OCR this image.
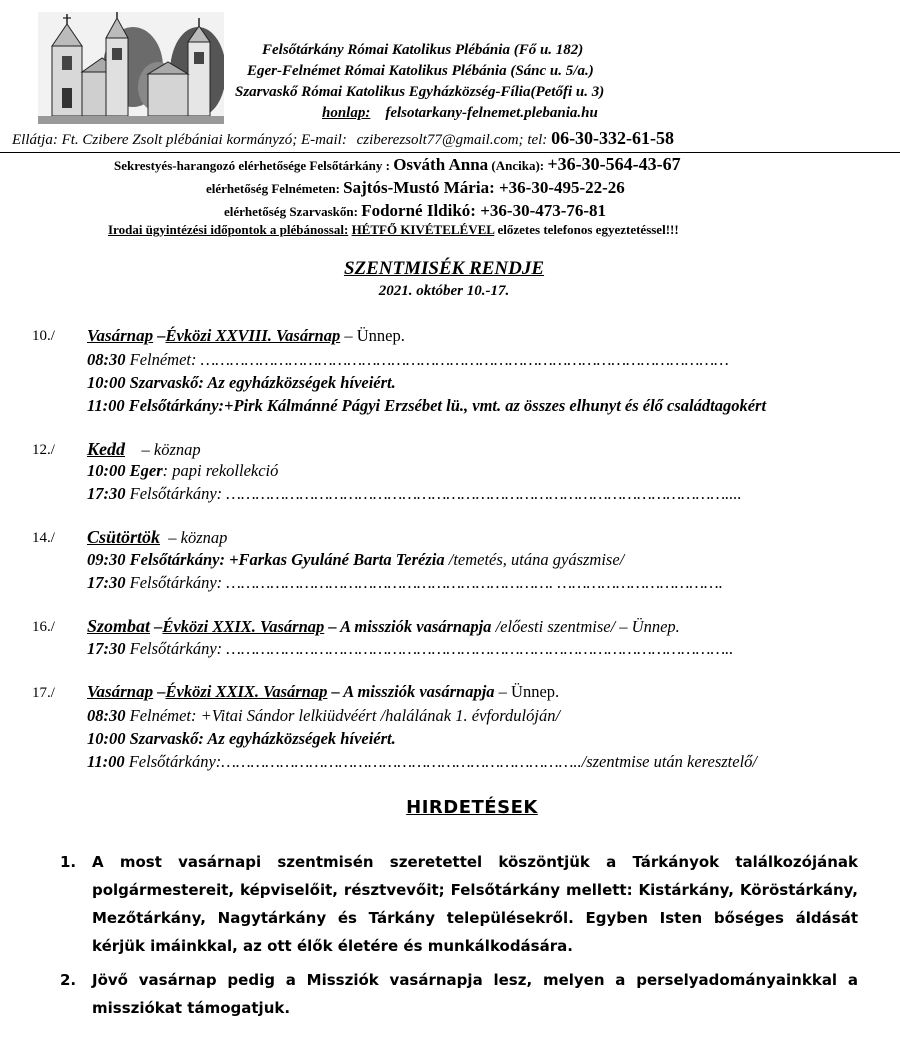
Felsőtárkány Római Katolikus Plébánia (Fő u. 182)
Eger-Felnémet Római Katolikus Plébánia (Sánc u. 5/a.)
Szarvaskő Római Katolikus Egyházközség-Fília(Petőfi u. 3)
honlap: felsotarkany-felnemet.plebania.hu
Ellátja: Ft. Czibere Zsolt plébániai kormányzó; E-mail: cziberezsolt77@gmail.com; tel: 06-30-332-61-58
Sekrestyés-harangozó elérhetősége Felsőtárkány : Osváth Anna (Ancika): +36-30-564-43-67
elérhetőség Felnémeten: Sajtós-Mustó Mária: +36-30-495-22-26
elérhetőség Szarvaskőn: Fodorné Ildikó: +36-30-473-76-81
Irodai ügyintézési időpontok a plébánossal: HÉTFŐ KIVÉTELÉVEL előzetes telefonos egyeztetéssel!!!
SZENTMISÉK RENDJE
2021. október 10.-17.
10./ Vasárnap –Évközi XXVIII. Vasárnap – Ünnep.
08:30 Felnémet: ………………………………………………………………………………………………
10:00 Szarvaskő: Az egyházközségek híveiért.
11:00 Felsőtárkány:+Pirk Kálmánné Págyi Erzsébet lü., vmt. az összes elhunyt és élő családtagokért
12./ Kedd – köznap
10:00 Eger: papi rekollekció
17:30 Felsőtárkány: …………………………………………………………………………………………....
14./ Csütörtök – köznap
09:30 Felsőtárkány: +Farkas Gyuláné Barta Terézia /temetés, utána gyászmise/
17:30 Felsőtárkány: …………………………………………………………. …………………………….
16./ Szombat –Évközi XXIX. Vasárnap – A missziók vasárnapja /előesti szentmise/ – Ünnep.
17:30 Felsőtárkány: …………………………………………………………………………………………..
17./ Vasárnap –Évközi XXIX. Vasárnap – A missziók vasárnapja – Ünnep.
08:30 Felnémet: +Vitai Sándor lelkiüdvéért /halálának 1. évfordulóján/
10:00 Szarvaskő: Az egyházközségek híveiért.
11:00 Felsőtárkány:………………………………………………………………../szentmise után keresztelő/
HIRDETÉSEK
1. A most vasárnapi szentmisén szeretettel köszöntjük a Tárkányok találkozójának polgármestereit, képviselőit, résztvevőit; Felsőtárkány mellett: Kistárkány, Köröstárkány, Mezőtárkány, Nagytárkány és Tárkány településekről. Egyben Isten bőséges áldását kérjük imáinkkal, az ott élők életére és munkálkodására.
2. Jövő vasárnap pedig a Missziók vasárnapja lesz, melyen a perselyadományainkkal a missziókat támogatjuk.
